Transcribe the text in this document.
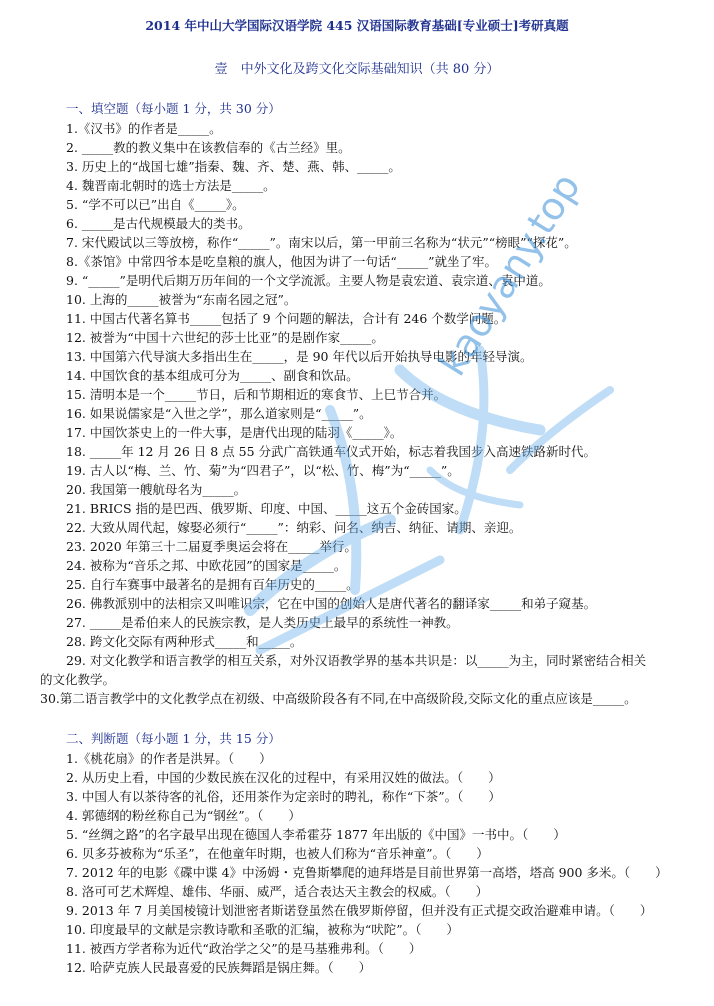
2014 年中山大学国际汉语学院 445 汉语国际教育基础[专业硕士]考研真题
壹　中外文化及跨文化交际基础知识（共 80 分）
一、填空题（每小题 1 分，共 30 分）
1.《汉书》的作者是_____。
2. _____教的教义集中在该教信奉的《古兰经》里。
3. 历史上的“战国七雄”指秦、魏、齐、楚、燕、韩、_____。
4. 魏晋南北朝时的选士方法是_____。
5. “学不可以已”出自《_____》。
6. _____是古代规模最大的类书。
7. 宋代殿试以三等放榜，称作“_____”。南宋以后，第一甲前三名称为“状元”“榜眼”“探花”。
8.《茶馆》中常四爷本是吃皇粮的旗人，他因为讲了一句话“_____”就坐了牢。
9. “_____”是明代后期万历年间的一个文学流派。主要人物是袁宏道、袁宗道、袁中道。
10. 上海的_____被誉为“东南名园之冠”。
11. 中国古代著名算书_____包括了 9 个问题的解法，合计有 246 个数学问题。
12. 被誉为“中国十六世纪的莎士比亚”的是剧作家_____。
13. 中国第六代导演大多指出生在_____，是 90 年代以后开始执导电影的年轻导演。
14. 中国饮食的基本组成可分为_____、副食和饮品。
15. 清明本是一个_____节日，后和节期相近的寒食节、上巳节合并。
16. 如果说儒家是“入世之学”，那么道家则是“_____”。
17. 中国饮茶史上的一件大事，是唐代出现的陆羽《_____》。
18. _____年 12 月 26 日 8 点 55 分武广高铁通车仪式开始，标志着我国步入高速铁路新时代。
19. 古人以“梅、兰、竹、菊”为“四君子”，以“松、竹、梅”为“_____”。
20. 我国第一艘航母名为_____。
21. BRICS 指的是巴西、俄罗斯、印度、中国、_____这五个金砖国家。
22. 大致从周代起，嫁娶必须行“_____”：纳彩、问名、纳吉、纳征、请期、亲迎。
23. 2020 年第三十二届夏季奥运会将在_____举行。
24. 被称为“音乐之邦、中欧花园”的国家是_____。
25. 自行车赛事中最著名的是拥有百年历史的_____。
26. 佛教派别中的法相宗又叫唯识宗，它在中国的创始人是唐代著名的翻译家_____和弟子窥基。
27. _____是希伯来人的民族宗教，是人类历史上最早的系统性一神教。
28. 跨文化交际有两种形式_____和_____。
29. 对文化教学和语言教学的相互关系，对外汉语教学界的基本共识是：以_____为主，同时紧密结合相关
的文化教学。
30.第二语言教学中的文化教学点在初级、中高级阶段各有不同,在中高级阶段,交际文化的重点应该是_____。
二、判断题（每小题 1 分，共 15 分）
1.《桃花扇》的作者是洪昇。（　　）
2. 从历史上看，中国的少数民族在汉化的过程中，有采用汉姓的做法。（　　）
3. 中国人有以茶待客的礼俗，还用茶作为定亲时的聘礼，称作“下茶”。（　　）
4. 郭德纲的粉丝称自己为“钢丝”。（　　）
5. “丝绸之路”的名字最早出现在德国人李希霍芬 1877 年出版的《中国》一书中。（　　）
6. 贝多芬被称为“乐圣”，在他童年时期，也被人们称为“音乐神童”。（　　）
7. 2012 年的电影《碟中谍 4》中汤姆・克鲁斯攀爬的迪拜塔是目前世界第一高塔，塔高 900 多米。（　　）
8. 洛可可艺术辉煌、雄伟、华丽、威严，适合表达天主教会的权威。（　　）
9. 2013 年 7 月美国棱镜计划泄密者斯诺登虽然在俄罗斯停留，但并没有正式提交政治避难申请。（　　）
10. 印度最早的文献是宗教诗歌和圣歌的汇编，被称为“吠陀”。（　　）
11. 被西方学者称为近代“政治学之父”的是马基雅弗利。（　　）
12. 哈萨克族人民最喜爱的民族舞蹈是锅庄舞。（　　）
kaoyany.top
